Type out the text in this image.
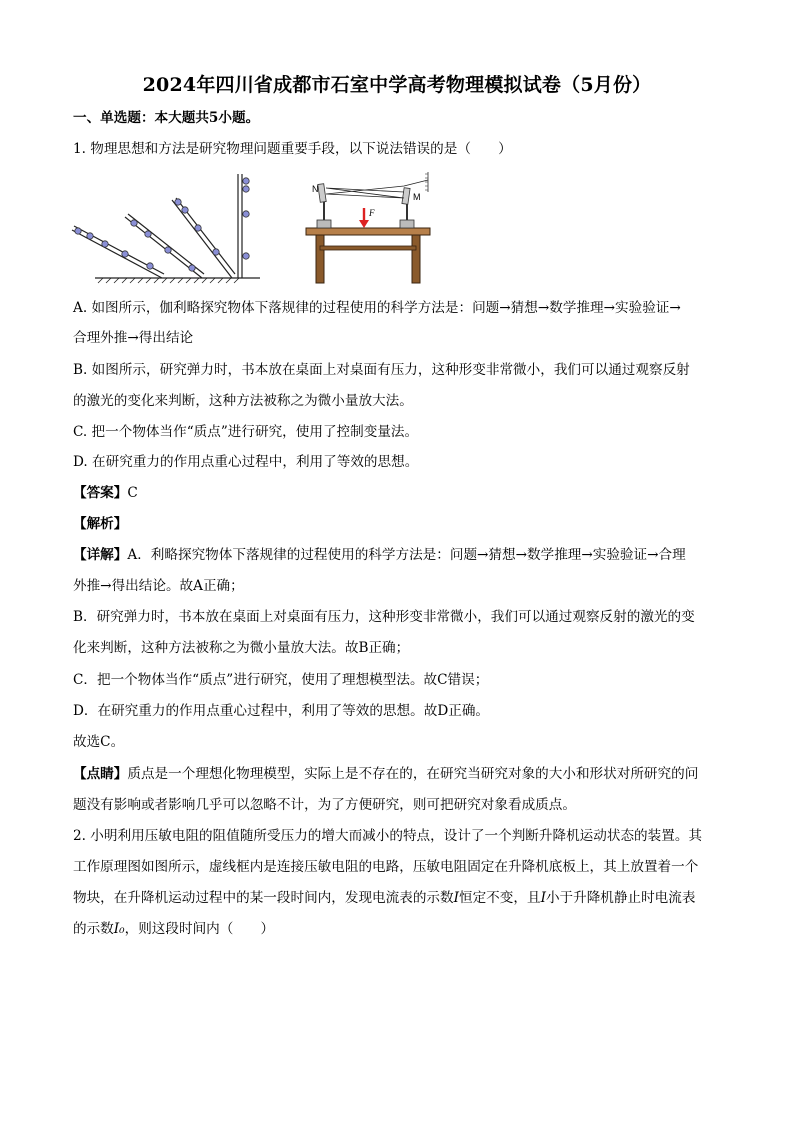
2024年四川省成都市石室中学高考物理模拟试卷（5月份）
一、单选题：本大题共5小题。
1. 物理思想和方法是研究物理问题重要手段，以下说法错误的是（　　）
N
M
F
A. 如图所示，伽利略探究物体下落规律的过程使用的科学方法是：问题→猜想→数学推理→实验验证→
合理外推→得出结论
B. 如图所示，研究弹力时，书本放在桌面上对桌面有压力，这种形变非常微小，我们可以通过观察反射
的激光的变化来判断，这种方法被称之为微小量放大法。
C. 把一个物体当作“质点”进行研究，使用了控制变量法。
D. 在研究重力的作用点重心过程中，利用了等效的思想。
【答案】C
【解析】
【详解】A．利略探究物体下落规律的过程使用的科学方法是：问题→猜想→数学推理→实验验证→合理
外推→得出结论。故A正确；
B．研究弹力时，书本放在桌面上对桌面有压力，这种形变非常微小，我们可以通过观察反射的激光的变
化来判断，这种方法被称之为微小量放大法。故B正确；
C．把一个物体当作“质点”进行研究，使用了理想模型法。故C错误；
D．在研究重力的作用点重心过程中，利用了等效的思想。故D正确。
故选C。
【点睛】质点是一个理想化物理模型，实际上是不存在的，在研究当研究对象的大小和形状对所研究的问
题没有影响或者影响几乎可以忽略不计，为了方便研究，则可把研究对象看成质点。
2. 小明利用压敏电阻的阻值随所受压力的增大而减小的特点，设计了一个判断升降机运动状态的装置。其
工作原理图如图所示，虚线框内是连接压敏电阻的电路，压敏电阻固定在升降机底板上，其上放置着一个
物块，在升降机运动过程中的某一段时间内，发现电流表的示数I恒定不变，且I小于升降机静止时电流表
的示数I₀，则这段时间内（　　）
